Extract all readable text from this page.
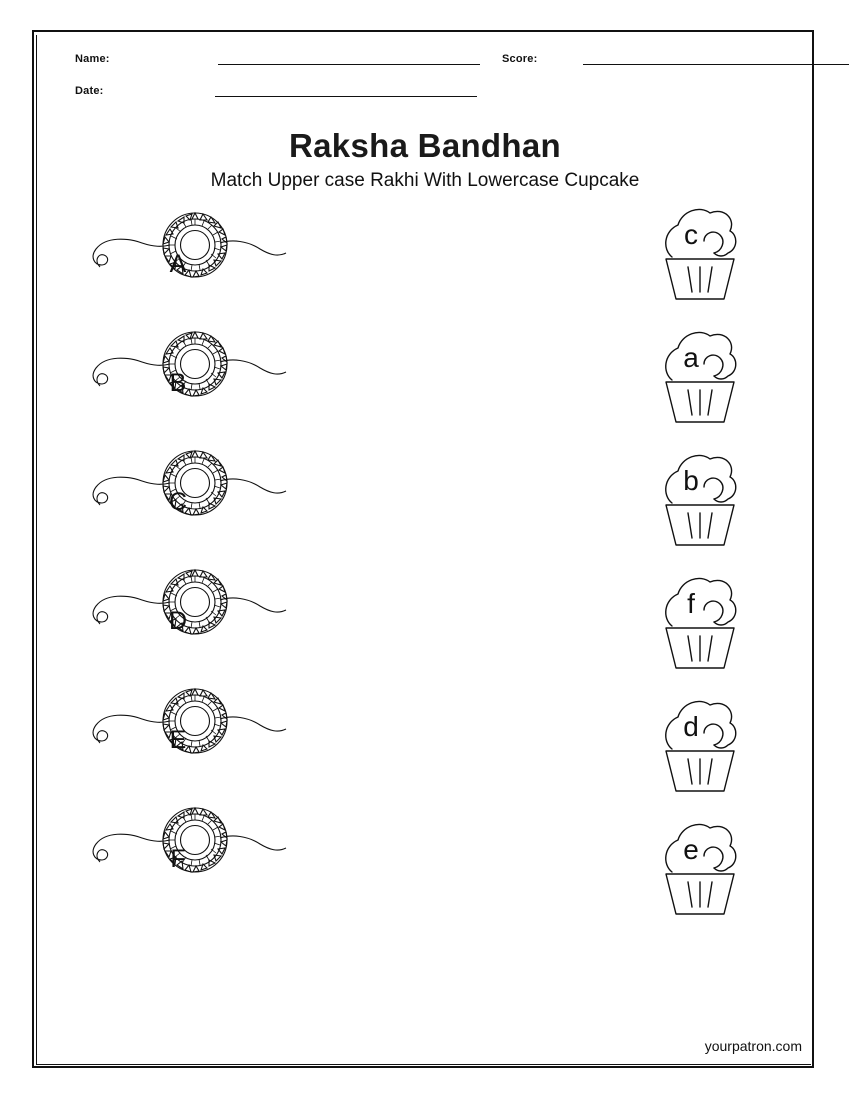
Name:
Date:
Score:
Raksha Bandhan
Match Upper case Rakhi With Lowercase Cupcake
A
B
C
D
E
F
c
a
b
f
d
e
yourpatron.com
